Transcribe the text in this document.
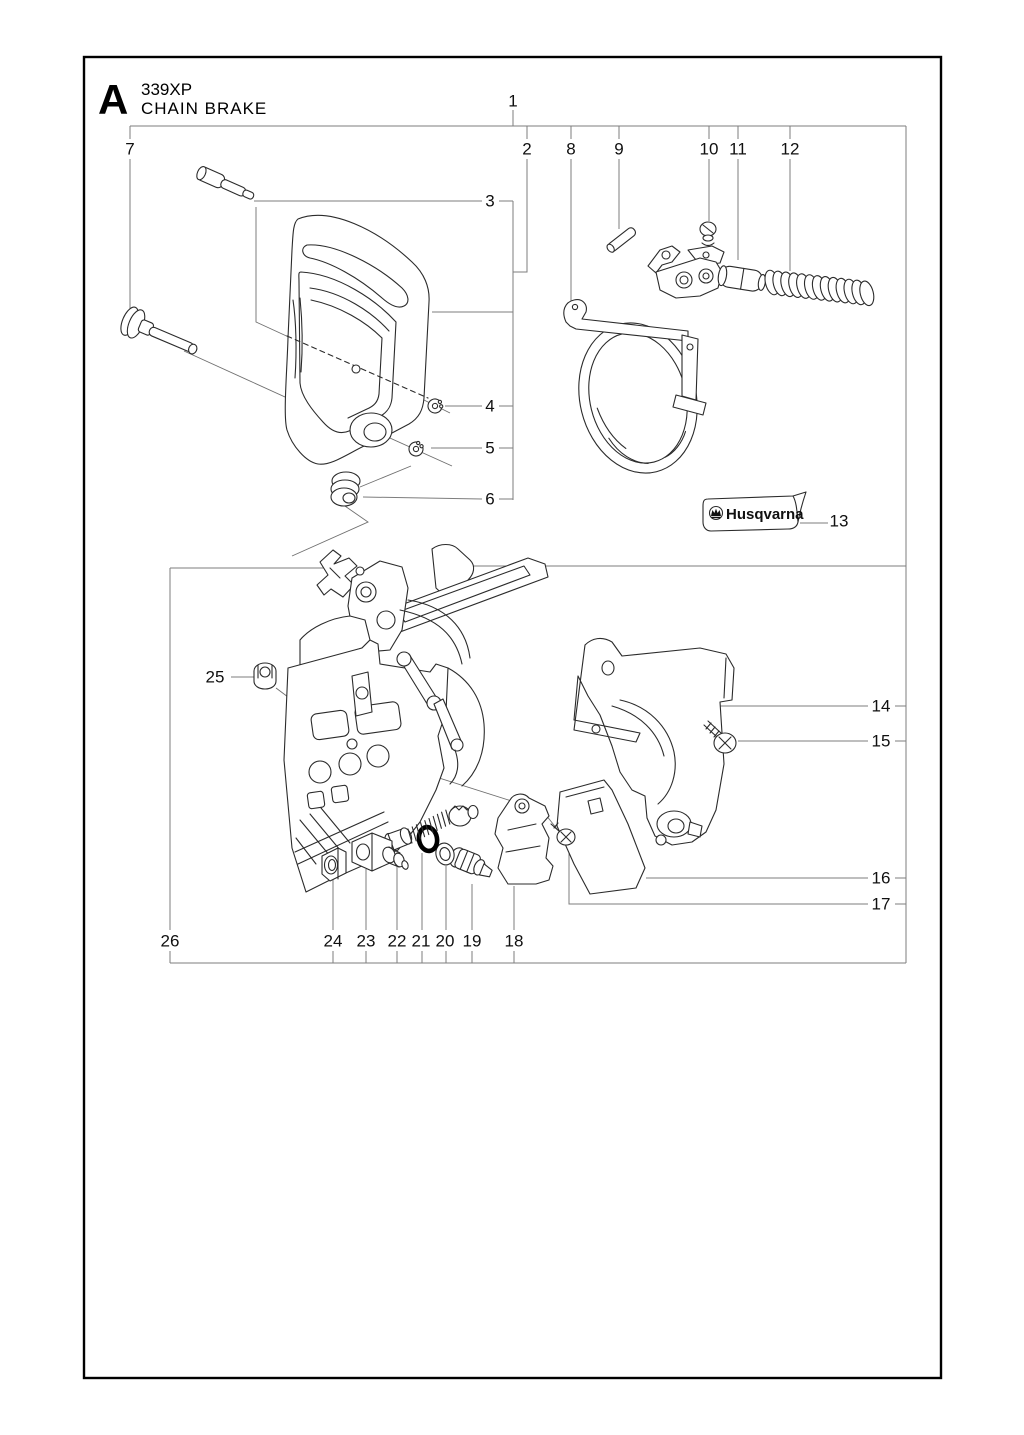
A 339XP
CHAIN BRAKE
Husqvarna
1
2
3
4
5
6
7	8 9	10 11 12
13
14
15
16
17
18
19
20
21
22
23
24
25
26
